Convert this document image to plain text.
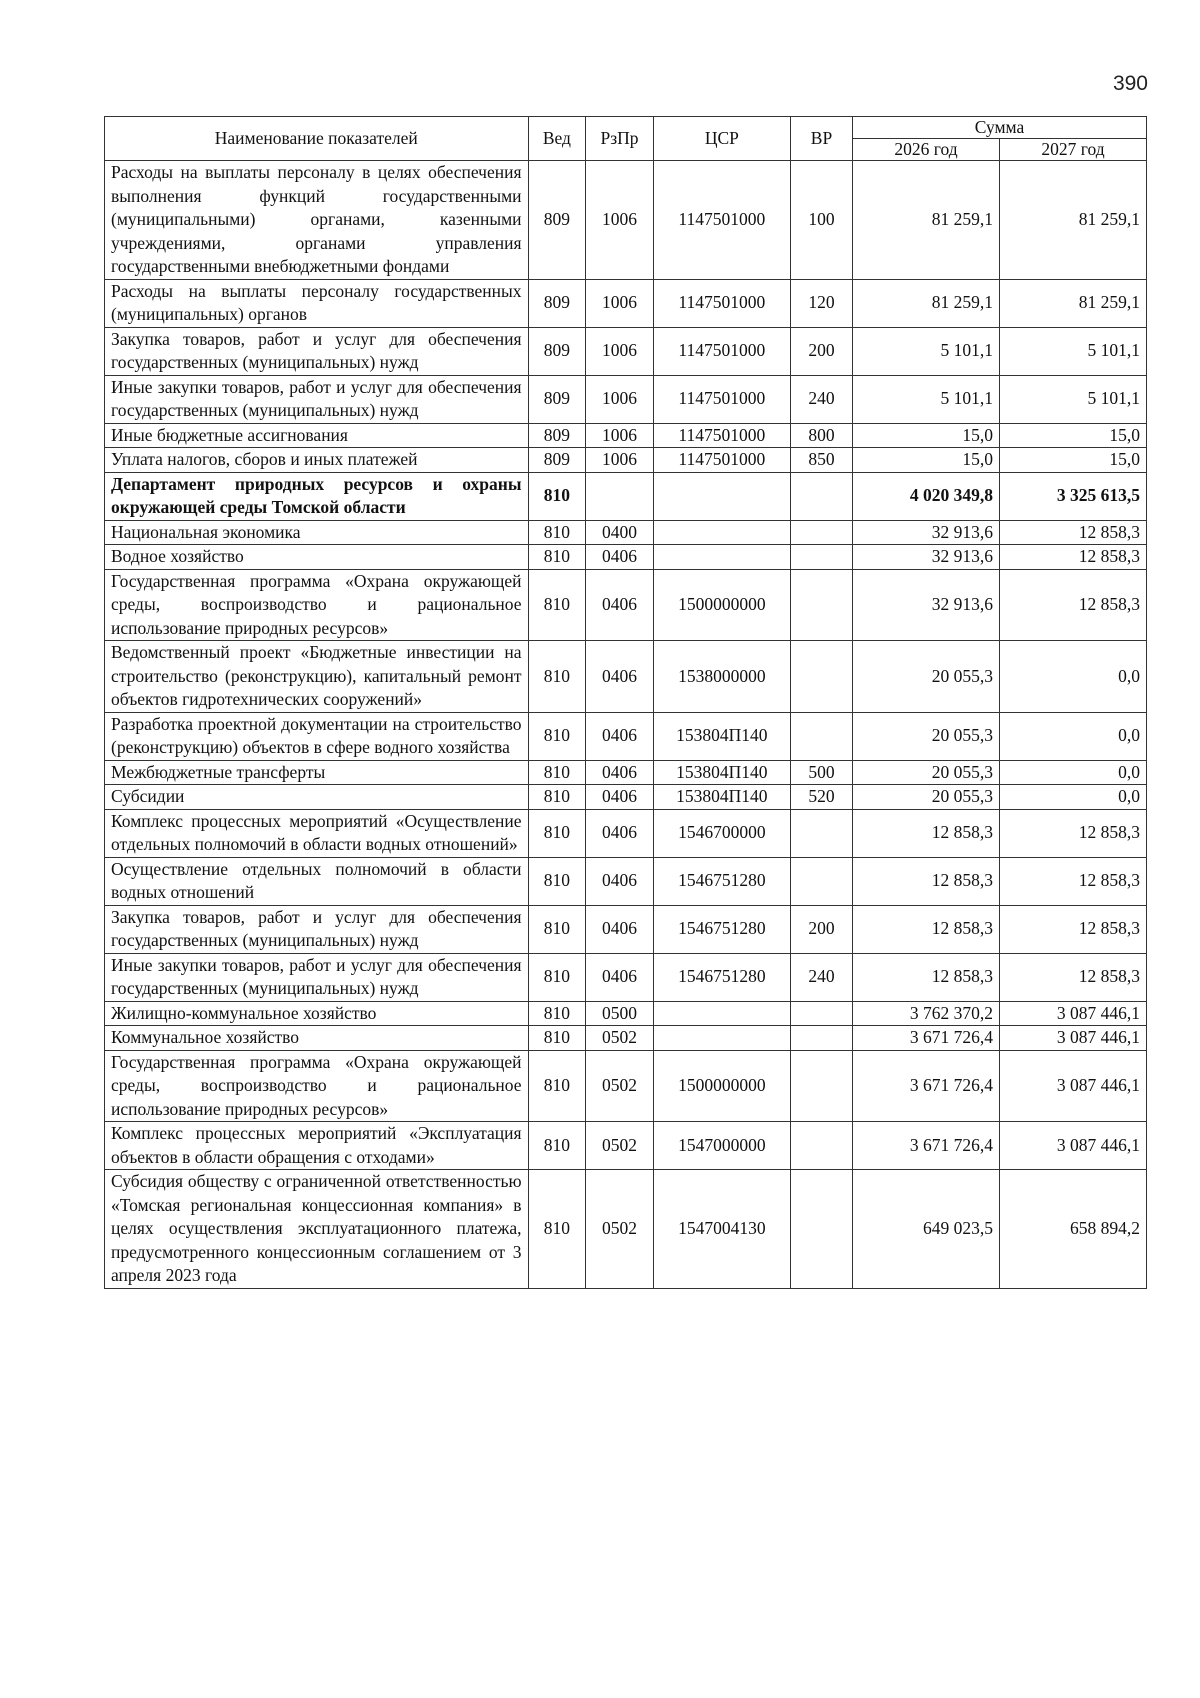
390
Наименование показателей	Вед	РзПр	ЦСР	ВР	Сумма	
					2026 год	2027 год
Расходы на выплаты персоналу в целях обеспечения выполнения функций государственными (муниципальными) органами, казенными учреждениями, органами управления государственными внебюджетными фондами	809	1006	1147501000	100	81 259,1	81 259,1
Расходы на выплаты персоналу государственных (муниципальных) органов	809	1006	1147501000	120	81 259,1	81 259,1
Закупка товаров, работ и услуг для обеспечения государственных (муниципальных) нужд	809	1006	1147501000	200	5 101,1	5 101,1
Иные закупки товаров, работ и услуг для обеспечения государственных (муниципальных) нужд	809	1006	1147501000	240	5 101,1	5 101,1
Иные бюджетные ассигнования	809	1006	1147501000	800	15,0	15,0
Уплата налогов, сборов и иных платежей	809	1006	1147501000	850	15,0	15,0
Департамент природных ресурсов и охраны окружающей среды Томской области	810				4 020 349,8	3 325 613,5
Национальная экономика	810	0400			32 913,6	12 858,3
Водное хозяйство	810	0406			32 913,6	12 858,3
Государственная программа «Охрана окружающей среды, воспроизводство и рациональное использование природных ресурсов»	810	0406	1500000000		32 913,6	12 858,3
Ведомственный проект «Бюджетные инвестиции на строительство (реконструкцию), капитальный ремонт объектов гидротехнических сооружений»	810	0406	1538000000		20 055,3	0,0
Разработка проектной документации на строительство (реконструкцию) объектов в сфере водного хозяйства	810	0406	153804П140		20 055,3	0,0
Межбюджетные трансферты	810	0406	153804П140	500	20 055,3	0,0
Субсидии	810	0406	153804П140	520	20 055,3	0,0
Комплекс процессных мероприятий «Осуществление отдельных полномочий в области водных отношений»	810	0406	1546700000		12 858,3	12 858,3
Осуществление отдельных полномочий в области водных отношений	810	0406	1546751280		12 858,3	12 858,3
Закупка товаров, работ и услуг для обеспечения государственных (муниципальных) нужд	810	0406	1546751280	200	12 858,3	12 858,3
Иные закупки товаров, работ и услуг для обеспечения государственных (муниципальных) нужд	810	0406	1546751280	240	12 858,3	12 858,3
Жилищно-коммунальное хозяйство	810	0500			3 762 370,2	3 087 446,1
Коммунальное хозяйство	810	0502			3 671 726,4	3 087 446,1
Государственная программа «Охрана окружающей среды, воспроизводство и рациональное использование природных ресурсов»	810	0502	1500000000		3 671 726,4	3 087 446,1
Комплекс процессных мероприятий «Эксплуатация объектов в области обращения с отходами»	810	0502	1547000000		3 671 726,4	3 087 446,1
Субсидия обществу с ограниченной ответственностью «Томская региональная концессионная компания» в целях осуществления эксплуатационного платежа, предусмотренного концессионным соглашением от 3 апреля 2023 года	810	0502	1547004130		649 023,5	658 894,2
